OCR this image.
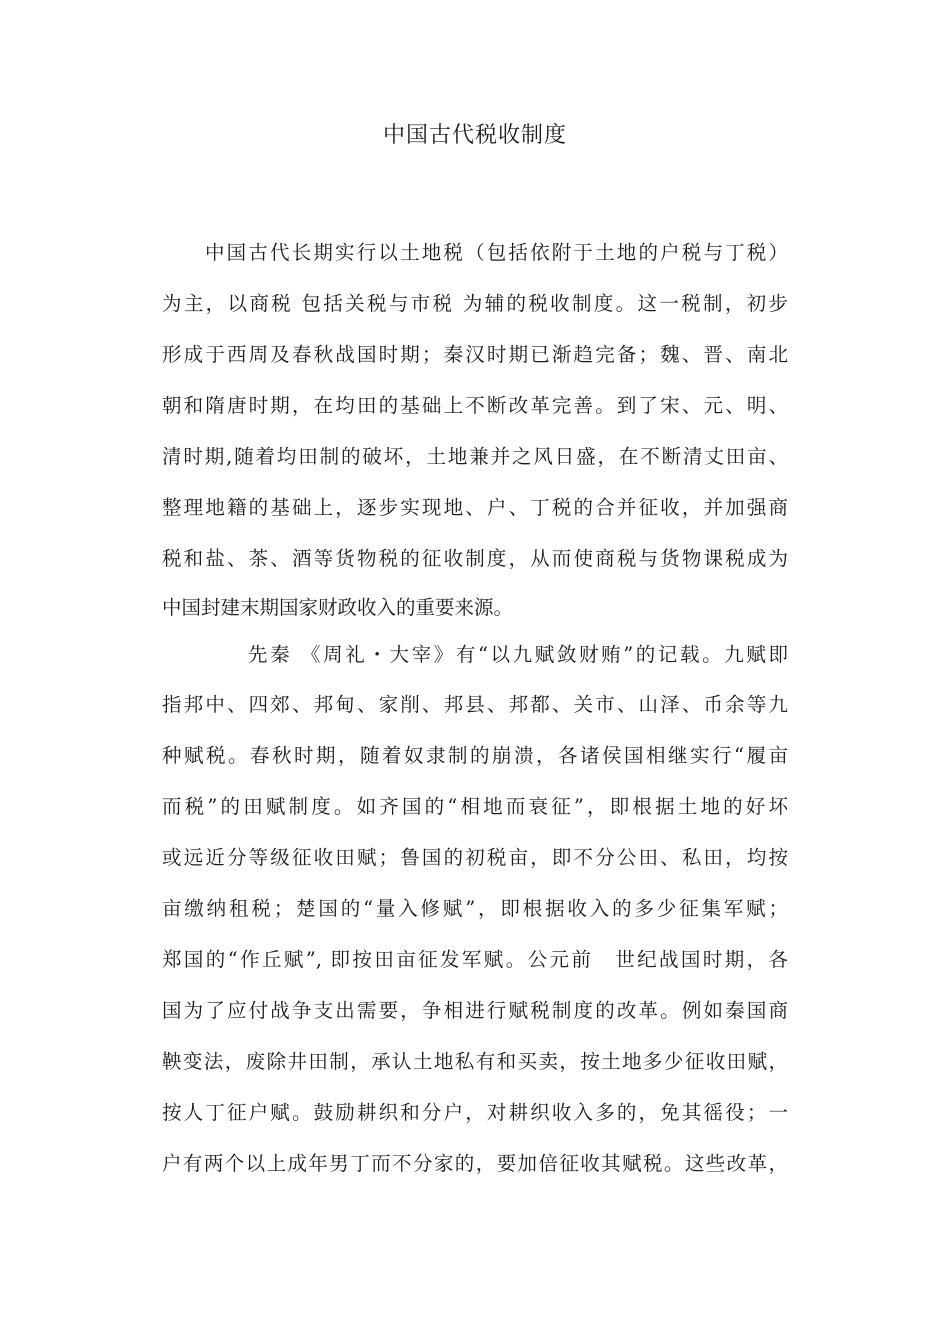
中国古代税收制度
中国古代长期实行以土地税（包括依附于土地的户税与丁税）
为主，以商税 包括关税与市税 为辅的税收制度。这一税制，初步
形成于西周及春秋战国时期；秦汉时期已渐趋完备；魏、晋、南北
朝和隋唐时期，在均田的基础上不断改革完善。到了宋、元、明、
清时期,随着均田制的破坏，土地兼并之风日盛，在不断清丈田亩、
整理地籍的基础上，逐步实现地、户、丁税的合并征收，并加强商
税和盐、茶、酒等货物税的征收制度，从而使商税与货物课税成为
中国封建末期国家财政收入的重要来源。
先秦 《周礼・大宰》有“以九赋敛财贿”的记载。九赋即
指邦中、四郊、邦甸、家削、邦县、邦都、关市、山泽、币余等九
种赋税。春秋时期，随着奴隶制的崩溃，各诸侯国相继实行“履亩
而税”的田赋制度。如齐国的“相地而衰征”，即根据土地的好坏
或远近分等级征收田赋；鲁国的初税亩，即不分公田、私田，均按
亩缴纳租税；楚国的“量入修赋”，即根据收入的多少征集军赋；
郑国的“作丘赋”, 即按田亩征发军赋。公元前　世纪战国时期，各
国为了应付战争支出需要，争相进行赋税制度的改革。例如秦国商
鞅变法，废除井田制，承认土地私有和买卖，按土地多少征收田赋，
按人丁征户赋。鼓励耕织和分户，对耕织收入多的，免其徭役；一
户有两个以上成年男丁而不分家的，要加倍征收其赋税。这些改革，
